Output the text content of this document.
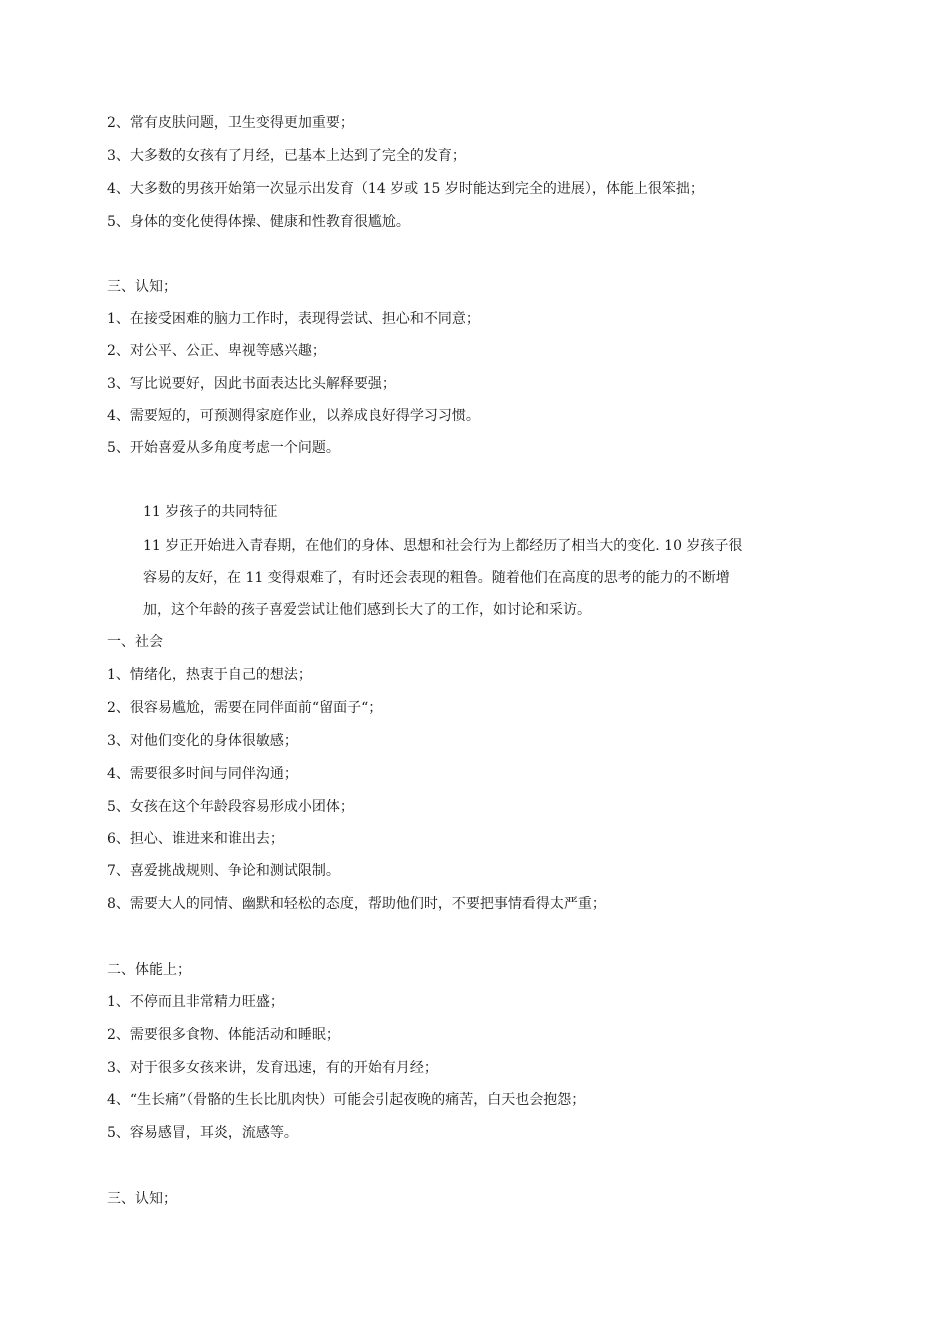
2、常有皮肤问题，卫生变得更加重要；
3、大多数的女孩有了月经，已基本上达到了完全的发育；
4、大多数的男孩开始第一次显示出发育（14 岁或 15 岁时能达到完全的进展），体能上很笨拙；
5、身体的变化使得体操、健康和性教育很尴尬。
三、认知；
1、在接受困难的脑力工作时，表现得尝试、担心和不同意；
2、对公平、公正、卑视等感兴趣；
3、写比说要好，因此书面表达比头解释要强；
4、需要短的，可预测得家庭作业，以养成良好得学习习惯。
5、开始喜爱从多角度考虑一个问题。
11 岁孩子的共同特征
11 岁正开始进入青春期，在他们的身体、思想和社会行为上都经历了相当大的变化. 10 岁孩子很
容易的友好，在 11 变得艰难了，有时还会表现的粗鲁。随着他们在高度的思考的能力的不断增
加，这个年龄的孩子喜爱尝试让他们感到长大了的工作，如讨论和采访。
一、社会
1、情绪化，热衷于自己的想法；
2、很容易尴尬，需要在同伴面前“留面子“；
3、对他们变化的身体很敏感；
4、需要很多时间与同伴沟通；
5、女孩在这个年龄段容易形成小团体；
6、担心、谁进来和谁出去；
7、喜爱挑战规则、争论和测试限制。
8、需要大人的同情、幽默和轻松的态度，帮助他们时，不要把事情看得太严重；
二、体能上；
1、不停而且非常精力旺盛；
2、需要很多食物、体能活动和睡眠；
3、对于很多女孩来讲，发育迅速，有的开始有月经；
4、“生长痛”（骨骼的生长比肌肉快）可能会引起夜晚的痛苦，白天也会抱怨；
5、容易感冒，耳炎，流感等。
三、认知；
